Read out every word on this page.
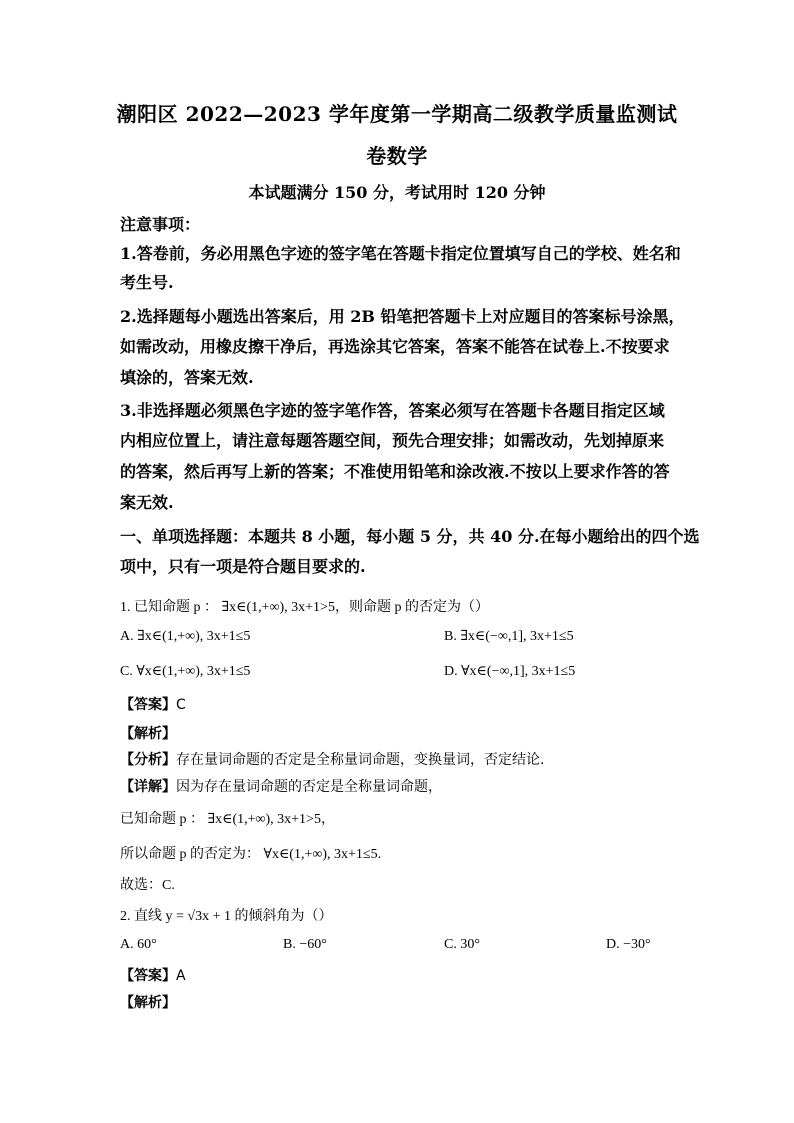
潮阳区 2022—2023 学年度第一学期高二级教学质量监测试
卷数学
本试题满分 150 分，考试用时 120 分钟
注意事项：
1.答卷前，务必用黑色字迹的签字笔在答题卡指定位置填写自己的学校、姓名和
考生号.
2.选择题每小题选出答案后，用 2B 铅笔把答题卡上对应题目的答案标号涂黑，
如需改动，用橡皮擦干净后，再选涂其它答案，答案不能答在试卷上.不按要求
填涂的，答案无效.
3.非选择题必须黑色字迹的签字笔作答，答案必须写在答题卡各题目指定区域
内相应位置上，请注意每题答题空间，预先合理安排；如需改动，先划掉原来
的答案，然后再写上新的答案；不准使用铅笔和涂改液.不按以上要求作答的答
案无效.
一、单项选择题：本题共 8 小题，每小题 5 分，共 40 分.在每小题给出的四个选
项中，只有一项是符合题目要求的.
1. 已知命题 p ： ∃x∈(1,+∞), 3x+1>5，则命题 p 的否定为（）
A. ∃x∈(1,+∞), 3x+1≤5	B. ∃x∈(−∞,1], 3x+1≤5
C. ∀x∈(1,+∞), 3x+1≤5	D. ∀x∈(−∞,1], 3x+1≤5
【答案】C
【解析】
【分析】存在量词命题的否定是全称量词命题，变换量词，否定结论.
【详解】因为存在量词命题的否定是全称量词命题，
已知命题 p ： ∃x∈(1,+∞), 3x+1>5，
所以命题 p 的否定为： ∀x∈(1,+∞), 3x+1≤5.
故选：C.
2. 直线 y = √3x + 1 的倾斜角为（）
A. 60°	B. −60°	C. 30°	D. −30°
【答案】A
【解析】
